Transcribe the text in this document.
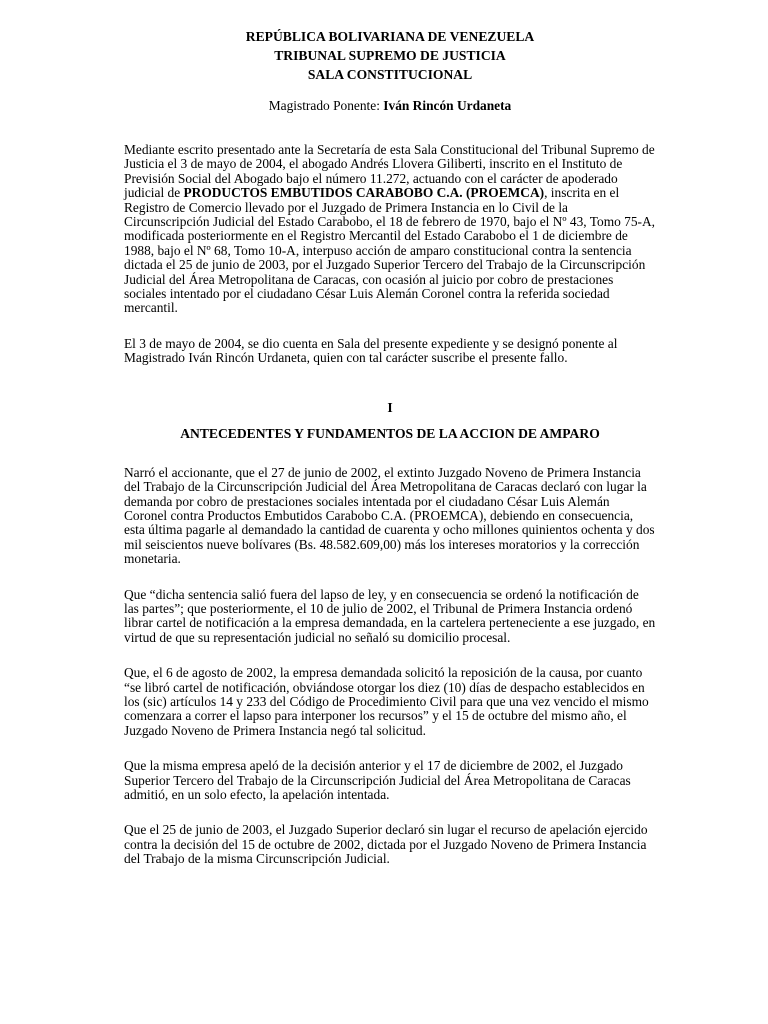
REPÚBLICA BOLIVARIANA DE VENEZUELA
TRIBUNAL SUPREMO DE JUSTICIA
SALA CONSTITUCIONAL
Magistrado Ponente: Iván Rincón Urdaneta

Mediante escrito presentado ante la Secretaría de esta Sala Constitucional del Tribunal Supremo de Justicia el 3 de mayo de 2004, el abogado Andrés Llovera Giliberti, inscrito en el Instituto de Previsión Social del Abogado bajo el número 11.272, actuando con el carácter de apoderado judicial de PRODUCTOS EMBUTIDOS CARABOBO C.A. (PROEMCA), inscrita en el Registro de Comercio llevado por el Juzgado de Primera Instancia en lo Civil de la Circunscripción Judicial del Estado Carabobo, el 18 de febrero de 1970, bajo el Nº 43, Tomo 75-A, modificada posteriormente en el Registro Mercantil del Estado Carabobo el 1 de diciembre de 1988, bajo el Nº 68, Tomo 10-A, interpuso acción de amparo constitucional contra la sentencia dictada el 25 de junio de 2003, por el Juzgado Superior Tercero del Trabajo de la Circunscripción Judicial del Área Metropolitana de Caracas, con ocasión al juicio por cobro de prestaciones sociales intentado por el ciudadano César Luis Alemán Coronel contra la referida sociedad mercantil.

El 3 de mayo de 2004, se dio cuenta en Sala del presente expediente y se designó ponente al Magistrado Iván Rincón Urdaneta, quien con tal carácter suscribe el presente fallo.

I
ANTECEDENTES Y FUNDAMENTOS DE LA ACCION DE AMPARO

Narró el accionante, que el 27 de junio de 2002, el extinto Juzgado Noveno de Primera Instancia del Trabajo de la Circunscripción Judicial del Área Metropolitana de Caracas declaró con lugar la demanda por cobro de prestaciones sociales intentada por el ciudadano César Luis Alemán Coronel contra Productos Embutidos Carabobo C.A. (PROEMCA), debiendo en consecuencia, esta última pagarle al demandado la cantidad de cuarenta y ocho millones quinientos ochenta y dos mil seiscientos nueve bolívares (Bs. 48.582.609,00) más los intereses moratorios y la corrección monetaria.

Que “dicha sentencia salió fuera del lapso de ley, y en consecuencia se ordenó la notificación de las partes”; que posteriormente, el 10 de julio de 2002, el Tribunal de Primera Instancia ordenó librar cartel de notificación a la empresa demandada, en la cartelera perteneciente a ese juzgado, en virtud de que su representación judicial no señaló su domicilio procesal.

Que, el 6 de agosto de 2002, la empresa demandada solicitó la reposición de la causa, por cuanto “se libró cartel de notificación, obviándose otorgar los diez (10) días de despacho establecidos en los (sic) artículos 14 y 233 del Código de Procedimiento Civil para que una vez vencido el mismo comenzara a correr el lapso para interponer los recursos” y el 15 de octubre del mismo año, el Juzgado Noveno de Primera Instancia negó tal solicitud.

Que la misma empresa apeló de la decisión anterior y el 17 de diciembre de 2002, el Juzgado Superior Tercero del Trabajo de la Circunscripción Judicial del Área Metropolitana de Caracas admitió, en un solo efecto, la apelación intentada.

Que el 25 de junio de 2003, el Juzgado Superior declaró sin lugar el recurso de apelación ejercido contra la decisión del 15 de octubre de 2002, dictada por el Juzgado Noveno de Primera Instancia del Trabajo de la misma Circunscripción Judicial.
